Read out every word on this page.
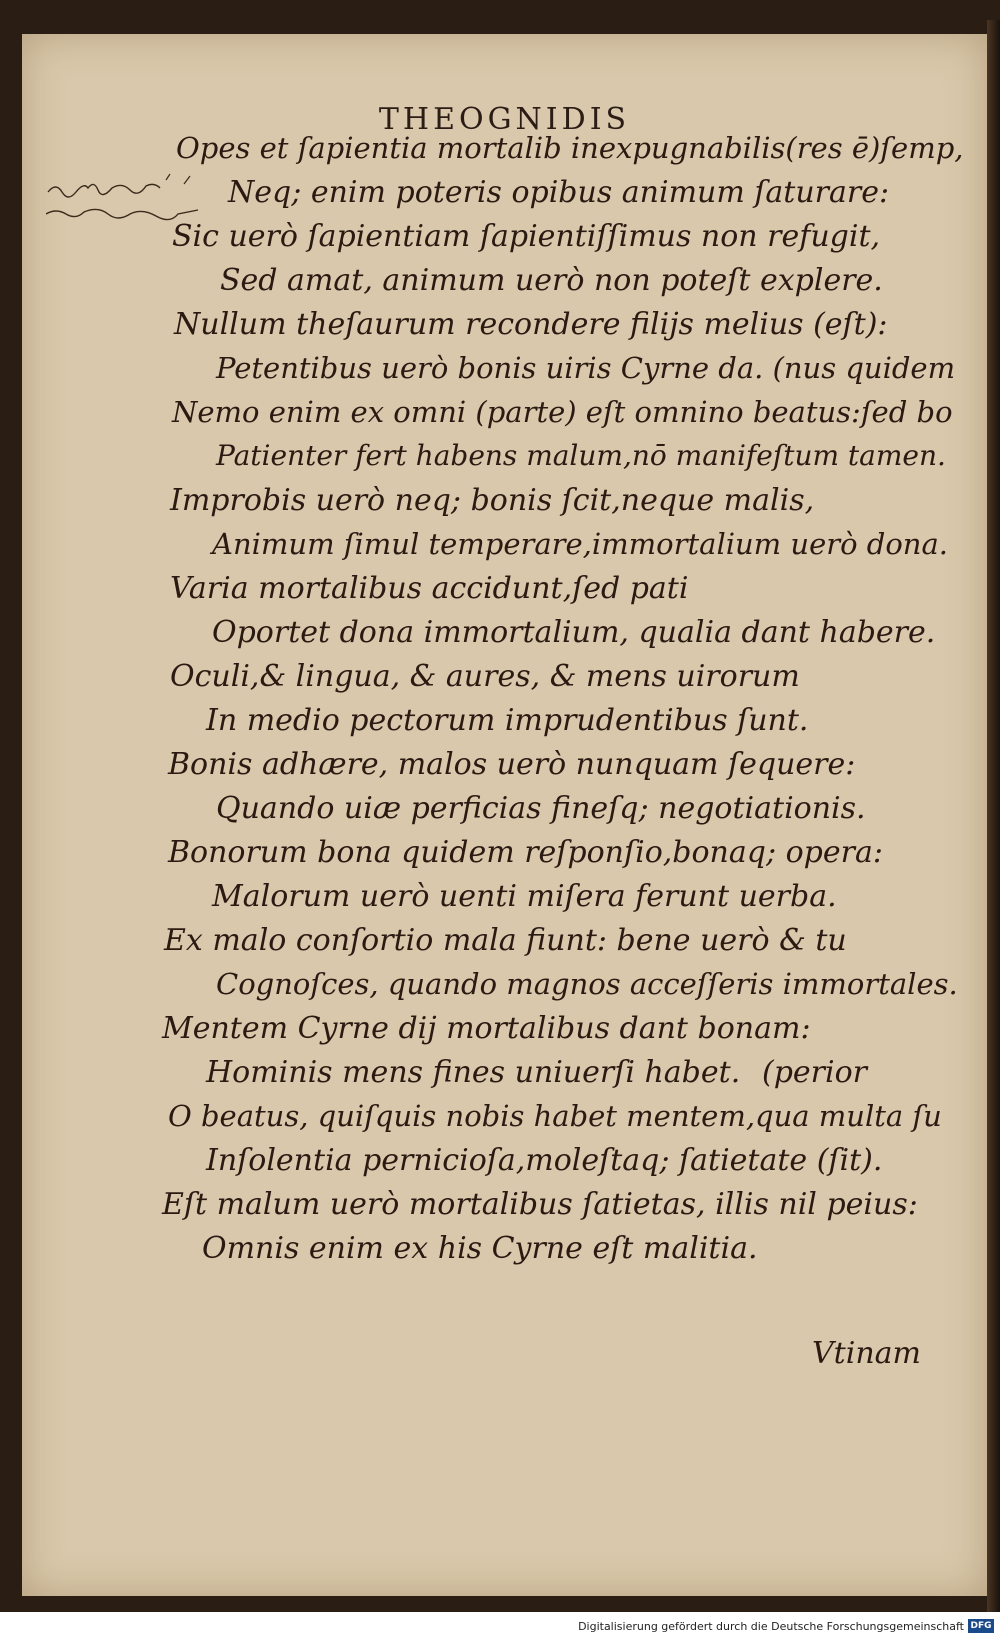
THEOGNIDIS
Opes et ſapientia mortalib inexpugnabilis(res ē)ſemp,
Neq; enim poteris opibus animum ſaturare:
Sic uerò ſapientiam ſapientiſſimus non refugit,
Sed amat, animum uerò non poteſt explere.
Nullum theſaurum recondere filijs melius (eſt):
Petentibus uerò bonis uiris Cyrne da. (nus quidem
Nemo enim ex omni (parte) eſt omnino beatus:ſed bo
Patienter fert habens malum,nō manifeſtum tamen.
Improbis uerò neq; bonis ſcit,neque malis,
Animum ſimul temperare,immortalium uerò dona.
Varia mortalibus accidunt,ſed pati
Oportet dona immortalium, qualia dant habere.
Oculi,& lingua, & aures, & mens uirorum
In medio pectorum imprudentibus ſunt.
Bonis adhære, malos uerò nunquam ſequere:
Quando uiæ perficias fineſq; negotiationis.
Bonorum bona quidem reſponſio,bonaq; opera:
Malorum uerò uenti miſera ferunt uerba.
Ex malo conſortio mala fiunt: bene uerò & tu
Cognoſces, quando magnos acceſſeris immortales.
Mentem Cyrne dij mortalibus dant bonam:
Hominis mens fines uniuerſi habet. (perior
O beatus, quiſquis nobis habet mentem,qua multa ſu
Inſolentia pernicioſa,moleſtaq; ſatietate (ſit).
Eſt malum uerò mortalibus ſatietas, illis nil peius:
Omnis enim ex his Cyrne eſt malitia.
Vtinam
Digitalisierung gefördert durch die Deutsche Forschungsgemeinschaft DFG
